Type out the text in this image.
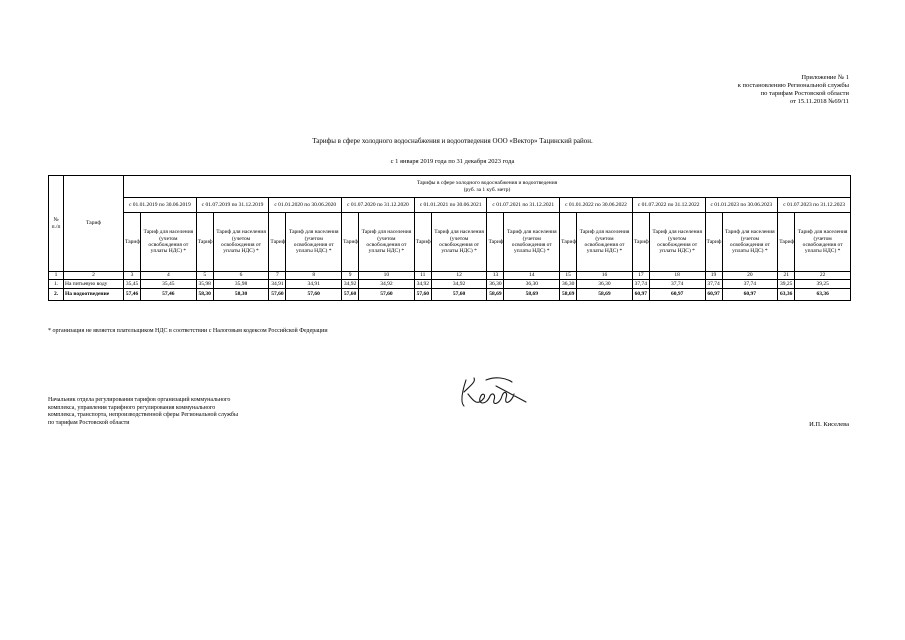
Приложение № 1
к постановлению Региональной службы
по тарифам Ростовской области
от 15.11.2018 №69/11
Тарифы в сфере холодного водоснабжения и водоотведения ООО «Вектор» Тацинский район.
с 1 января 2019 года по 31 декабря 2023 года
№ п./п	Тариф	Тарифы в сфере холодного водоснабжения и водоотведения
(руб. за 1 куб. метр)																			

		с 01.01.2019 по 30.06.2019		с 01.07.2019 по 31.12.2019		с 01.01.2020 по 30.06.2020		с 01.07.2020 по 31.12.2020		с 01.01.2021 по 30.06.2021		с 01.07.2021 по 31.12.2021		с 01.01.2022 по 30.06.2022		с 01.07.2022 по 31.12.2022		с 01.01.2023 по 30.06.2023		с 01.07.2023 по 31.12.2023	
		Тариф	Тариф для населения (учетом освобождения от уплаты НДС) *	Тариф	Тариф для населения (учетом освобождения от уплаты НДС) *	Тариф	Тариф для населения (учетом освобождения от уплаты НДС) *	Тариф	Тариф для населения (учетом освобождения от уплаты НДС) *	Тариф	Тариф для населения (учетом освобождения от уплаты НДС) *	Тариф	Тариф для населения (учетом освобождения от уплаты НДС) *	Тариф	Тариф для населения (учетом освобождения от уплаты НДС) *	Тариф	Тариф для населения (учетом освобождения от уплаты НДС) *	Тариф	Тариф для населения (учетом освобождения от уплаты НДС) *	Тариф	Тариф для населения (учетом освобождения от уплаты НДС) *
1	2	3	4	5	6	7	8	9	10	11	12	13	14	15	16	17	18	19	20	21	22
1.	На питьевую воду	35,45	35,45	35,98	35,98	34,91	34,91	34,92	34,92	34,92	34,92	36,30	36,30	36,30	36,30	37,74	37,74	37,74	37,74	39,25	39,25
2.	На водоотведение	57,46	57,46	58,30	58,30	57,60	57,60	57,60	57,60	57,60	57,60	58,69	58,69	58,69	58,69	60,97	60,97	60,97	60,97	63,36	63,36
* организация не является плательщиком НДС в соответствии с Налоговым кодексом Российской Федерации
Начальник отдела регулирования тарифов организаций коммунального
комплекса, управления тарифного регулирования коммунального
комплекса, транспорта, непроизводственной сферы Региональной службы
по тарифам Ростовской области	И.П. Киселева
